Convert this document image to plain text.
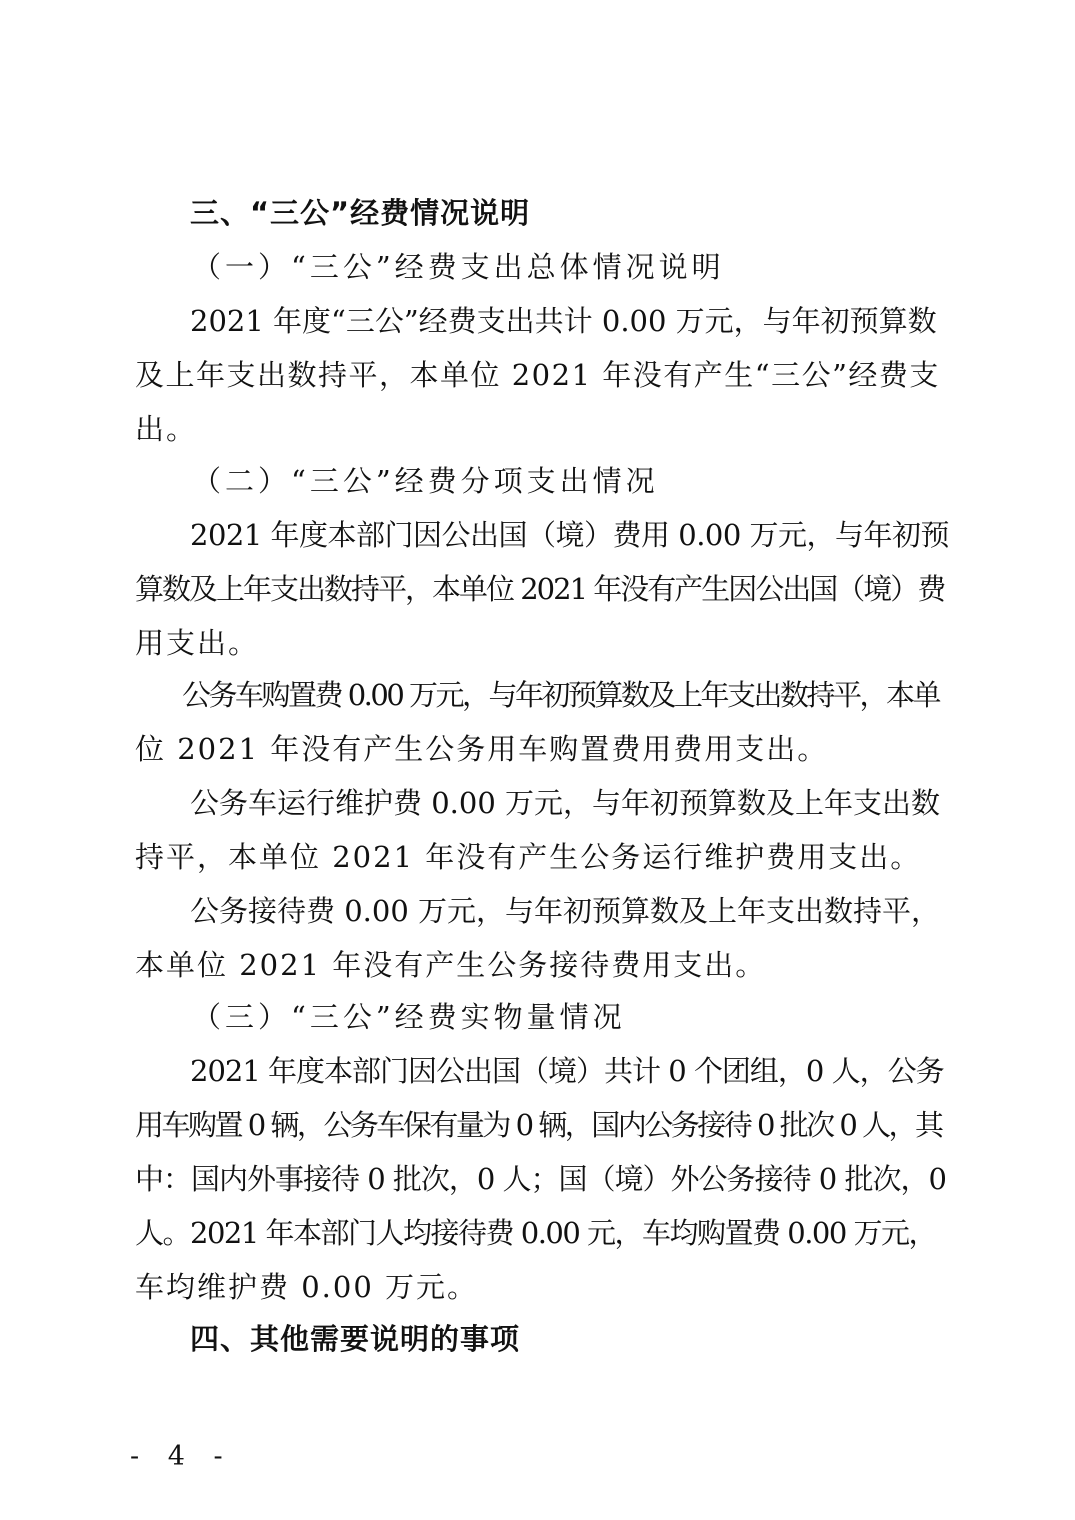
三、“三公”经费情况说明
（一）“三公”经费支出总体情况说明
2021 年度“三公”经费支出共计 0.00 万元，与年初预算数
及上年支出数持平，本单位 2021 年没有产生“三公”经费支
出。
（二）“三公”经费分项支出情况
2021 年度本部门因公出国（境）费用 0.00 万元，与年初预
算数及上年支出数持平，本单位 2021 年没有产生因公出国（境）费
用支出。
公务车购置费 0.00 万元，与年初预算数及上年支出数持平，本单
位 2021 年没有产生公务用车购置费用费用支出。
公务车运行维护费 0.00 万元，与年初预算数及上年支出数
持平，本单位 2021 年没有产生公务运行维护费用支出。
公务接待费 0.00 万元，与年初预算数及上年支出数持平，
本单位 2021 年没有产生公务接待费用支出。
（三）“三公”经费实物量情况
2021 年度本部门因公出国（境）共计 0 个团组，0 人，公务
用车购置 0 辆，公务车保有量为 0 辆，国内公务接待 0 批次 0 人，其
中：国内外事接待 0 批次，0 人；国（境）外公务接待 0 批次，0
人。2021 年本部门人均接待费 0.00 元，车均购置费 0.00 万元，
车均维护费 0.00 万元。
四、其他需要说明的事项
- 4 -
